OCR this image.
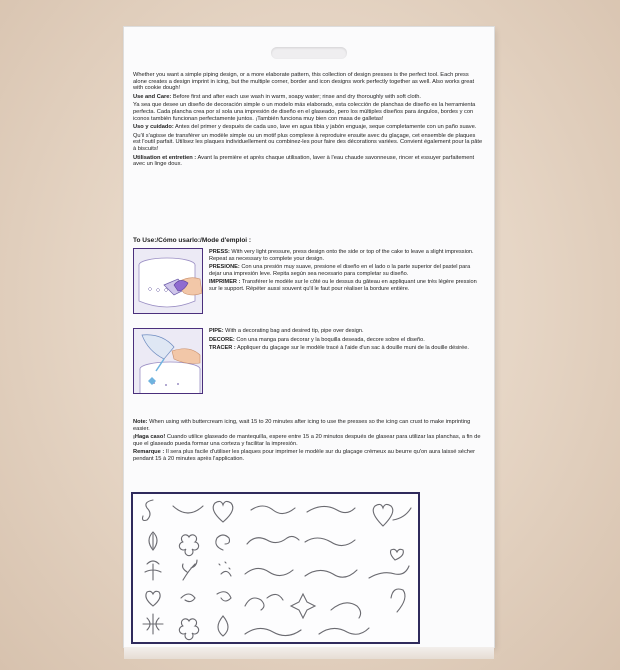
Whether you want a simple piping design, or a more elaborate pattern, this collection of design presses is the perfect tool. Each press alone creates a design imprint in icing, but the multiple corner, border and icon designs work perfectly together as well. Also works great with cookie dough!

Use and Care: Before first and after each use wash in warm, soapy water; rinse and dry thoroughly with soft cloth.

Ya sea que desee un diseño de decoración simple o un modelo más elaborado, esta colección de planchas de diseño es la herramienta perfecta. Cada plancha crea por sí sola una impresión de diseño en el glaseado, pero los múltiples diseños para ángulos, bordes y con iconos también funcionan perfectamente juntos. ¡También funciona muy bien con masa de galletas!

Uso y cuidado: Antes del primer y después de cada uso, lave en agua tibia y jabón enguaje, seque completamente con un paño suave.

Qu'il s'agisse de transférer un modèle simple ou un motif plus complexe à reproduire ensuite avec du glaçage, cet ensemble de plaques est l'outil parfait. Utilisez les plaques individuellement ou combinez-les pour faire des décorations variées. Convient également pour la pâte à biscuits!

Utilisation et entretien : Avant la première et après chaque utilisation, laver à l'eau chaude savonneuse, rincer et essuyer parfaitement avec un linge doux.

To Use:/Cómo usarlo:/Mode d'emploi :

PRESS: With very light pressure, press design onto the side or top of the cake to leave a slight impression. Repeat as necessary to complete your design.

PRESIONE: Con una presión muy suave, presione el diseño en el lado o la parte superior del pastel para dejar una impresión leve. Repita según sea necesario para completar su diseño.

IMPRIMER : Transférer le modèle sur le côté ou le dessus du gâteau en appliquant une très légère pression sur le support. Répéter aussi souvent qu'il le faut pour réaliser la bordure entière.

PIPE: With a decorating bag and desired tip, pipe over design.

DECORE: Con una manga para decorar y la boquilla deseada, decore sobre el diseño.

TRACER : Appliquer du glaçage sur le modèle tracé à l'aide d'un sac à douille muni de la douille désirée.

Note: When using with buttercream icing, wait 15 to 20 minutes after icing to use the presses so the icing can crust to make imprinting easier.

¡Haga caso! Cuando utilice glaseado de mantequilla, espere entre 15 a 20 minutos después de glasear para utilizar las planchas, a fin de que el glaseado pueda formar una corteza y facilitar la impresión.

Remarque : Il sera plus facile d'utiliser les plaques pour imprimer le modèle sur du glaçage crémeux au beurre qu'on aura laissé sécher pendant 15 à 20 minutes après l'application.
